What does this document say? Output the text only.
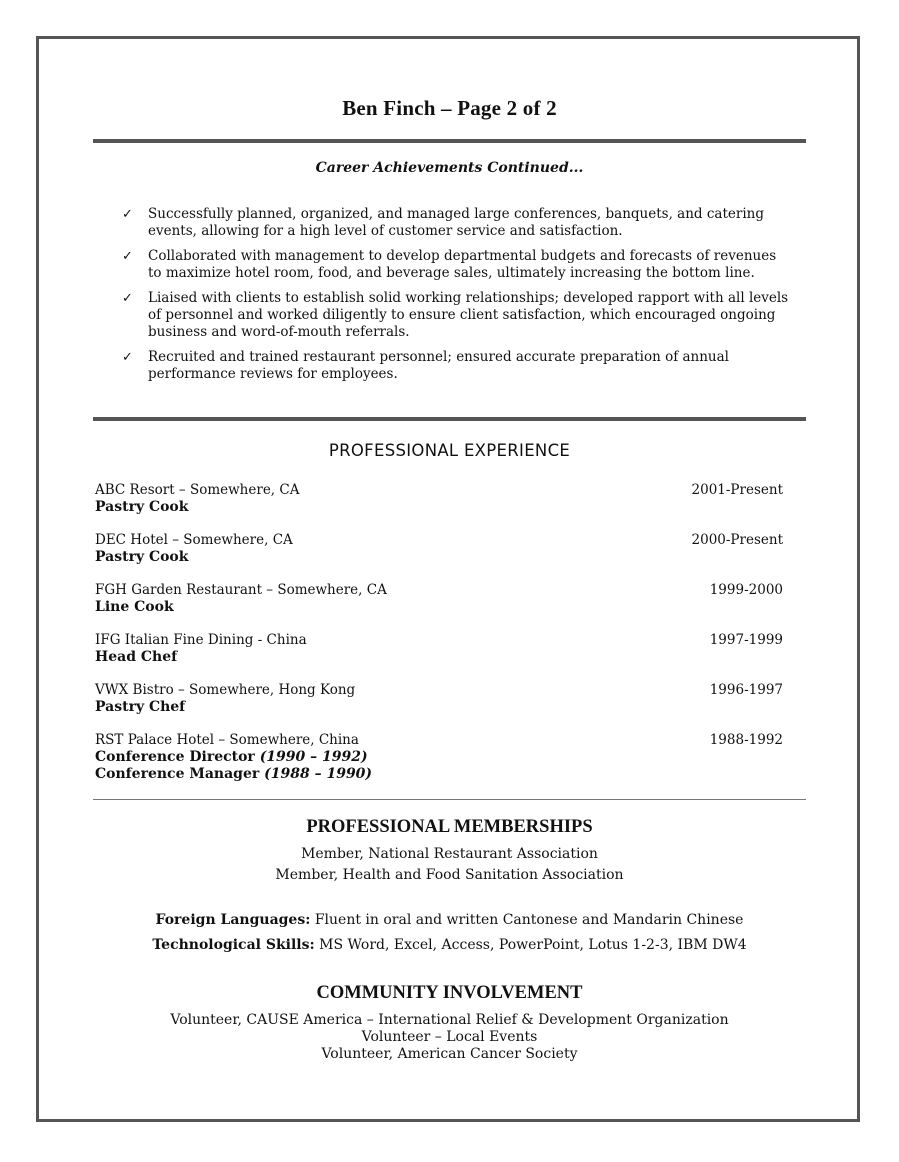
Ben Finch – Page 2 of 2
Career Achievements Continued...
✓ Successfully planned, organized, and managed large conferences, banquets, and catering events, allowing for a high level of customer service and satisfaction.
✓ Collaborated with management to develop departmental budgets and forecasts of revenues to maximize hotel room, food, and beverage sales, ultimately increasing the bottom line.
✓ Liaised with clients to establish solid working relationships; developed rapport with all levels of personnel and worked diligently to ensure client satisfaction, which encouraged ongoing business and word-of-mouth referrals.
✓ Recruited and trained restaurant personnel; ensured accurate preparation of annual performance reviews for employees.
PROFESSIONAL EXPERIENCE
ABC Resort – Somewhere, CA	2001-Present
Pastry Cook
DEC Hotel – Somewhere, CA	2000-Present
Pastry Cook
FGH Garden Restaurant – Somewhere, CA	1999-2000
Line Cook
IFG Italian Fine Dining - China	1997-1999
Head Chef
VWX Bistro – Somewhere, Hong Kong	1996-1997
Pastry Chef
RST Palace Hotel – Somewhere, China	1988-1992
Conference Director (1990 – 1992)
Conference Manager (1988 – 1990)
PROFESSIONAL MEMBERSHIPS
Member, National Restaurant Association
Member, Health and Food Sanitation Association
Foreign Languages: Fluent in oral and written Cantonese and Mandarin Chinese
Technological Skills: MS Word, Excel, Access, PowerPoint, Lotus 1-2-3, IBM DW4
COMMUNITY INVOLVEMENT
Volunteer, CAUSE America – International Relief & Development Organization
Volunteer – Local Events
Volunteer, American Cancer Society
